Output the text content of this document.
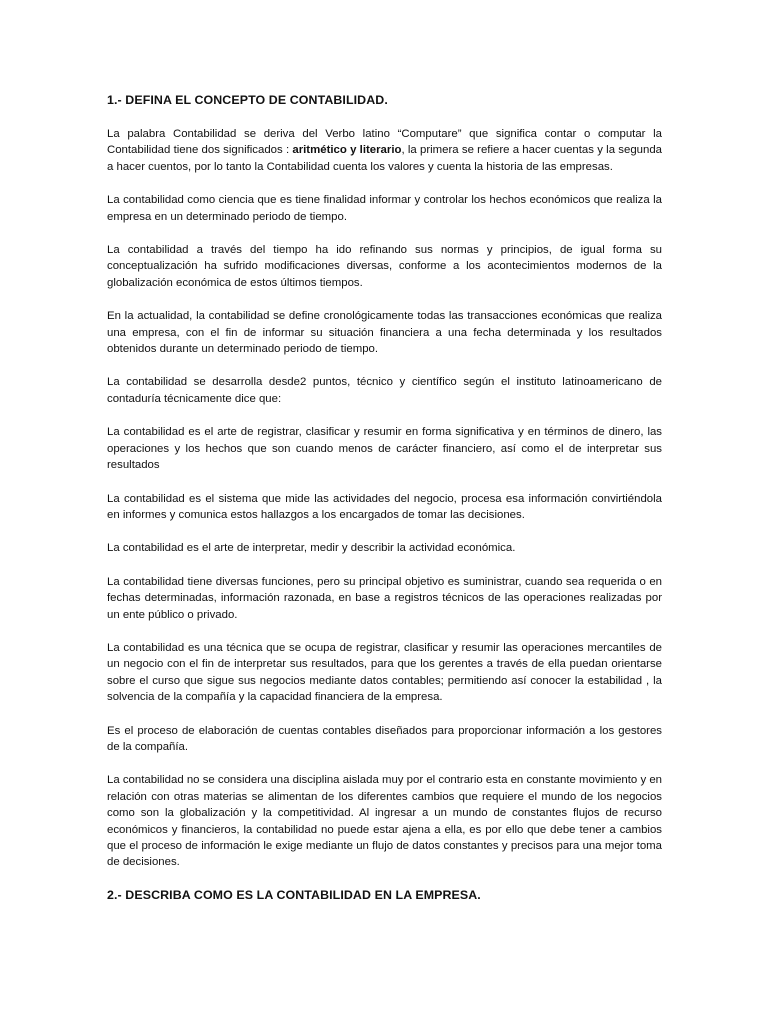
1.- DEFINA EL CONCEPTO DE CONTABILIDAD.

La palabra Contabilidad se deriva del Verbo latino “Computare” que significa contar o computar la Contabilidad tiene dos significados : aritmético y literario, la primera se refiere a hacer cuentas y la segunda a hacer cuentos, por lo tanto la Contabilidad cuenta los valores y cuenta la historia de las empresas.

La contabilidad como ciencia que es tiene finalidad informar y controlar los hechos económicos que realiza la empresa en un determinado periodo de tiempo.

La contabilidad a través del tiempo ha ido refinando sus normas y principios, de igual forma su conceptualización ha sufrido modificaciones diversas, conforme a los acontecimientos modernos de la globalización económica de estos últimos tiempos.

En la actualidad, la contabilidad se define cronológicamente todas las transacciones económicas que realiza una empresa, con el fin de informar su situación financiera a una fecha determinada y los resultados obtenidos durante un determinado periodo de tiempo.

La contabilidad se desarrolla desde2 puntos, técnico y científico según el instituto latinoamericano de contaduría técnicamente dice que:

La contabilidad es el arte de registrar, clasificar y resumir en forma significativa y en términos de dinero, las operaciones y los hechos que son cuando menos de carácter financiero, así como el de interpretar sus resultados

La contabilidad es el sistema que mide las actividades del negocio, procesa esa información convirtiéndola en informes y comunica estos hallazgos a los encargados de tomar las decisiones.

La contabilidad es el arte de interpretar, medir y describir la actividad económica.

La contabilidad tiene diversas funciones, pero su principal objetivo es suministrar, cuando sea requerida o en fechas determinadas, información razonada, en base a registros técnicos de las operaciones realizadas por un ente público o privado.

La contabilidad es una técnica que se ocupa de registrar, clasificar y resumir las operaciones mercantiles de un negocio con el fin de interpretar sus resultados, para que los gerentes a través de ella puedan orientarse sobre el curso que sigue sus negocios mediante datos contables; permitiendo así conocer la estabilidad , la solvencia de la compañía y la capacidad financiera de la empresa.

Es el proceso de elaboración de cuentas contables diseñados para proporcionar información a los gestores de la compañía.

La contabilidad no se considera una disciplina aislada muy por el contrario esta en constante movimiento y en relación con otras materias se alimentan de los diferentes cambios que requiere el mundo de los negocios como son la globalización y la competitividad. Al ingresar a un mundo de constantes flujos de recurso económicos y financieros, la contabilidad no puede estar ajena a ella, es por ello que debe tener a cambios que el proceso de información le exige mediante un flujo de datos constantes y precisos para una mejor toma de decisiones.

2.- DESCRIBA COMO ES LA CONTABILIDAD EN LA EMPRESA.
